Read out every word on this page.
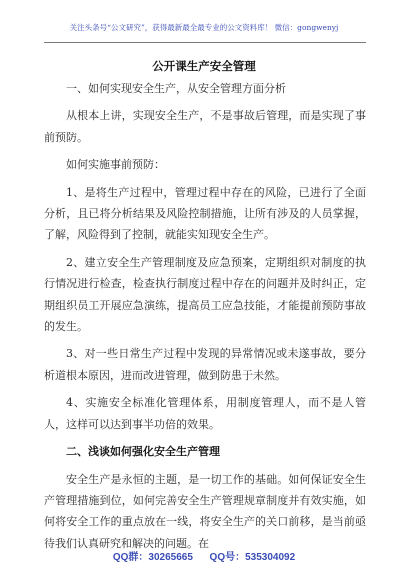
关注头条号“公文研究”，获得最新最全最专业的公文资料库！ 微信：gongwenyj
公开课生产安全管理

一、如何实现安全生产，从安全管理方面分析

从根本上讲，实现安全生产，不是事故后管理，而是实现了事前预防。

如何实施事前预防：

1、是将生产过程中，管理过程中存在的风险，已进行了全面分析，且已将分析结果及风险控制措施，让所有涉及的人员掌握，了解，风险得到了控制，就能实知现安全生产。

2、建立安全生产管理制度及应急预案，定期组织对制度的执行情况进行检查，检查执行制度过程中存在的问题并及时纠正，定期组织员工开展应急演练，提高员工应急技能，才能提前预防事故的发生。

3、对一些日常生产过程中发现的异常情况或未遂事故，要分析道根本原因，进而改进管理，做到防患于未然。

4、实施安全标准化管理体系，用制度管理人，而不是人管人，这样可以达到事半功倍的效果。

二、浅谈如何强化安全生产管理

安全生产是永恒的主题，是一切工作的基础。如何保证安全生产管理措施到位，如何完善安全生产管理规章制度并有效实施，如何将安全工作的重点放在一线，将安全生产的关口前移，是当前亟待我们认真研究和解决的问题。在

QQ群：30265665      QQ号：535304092
